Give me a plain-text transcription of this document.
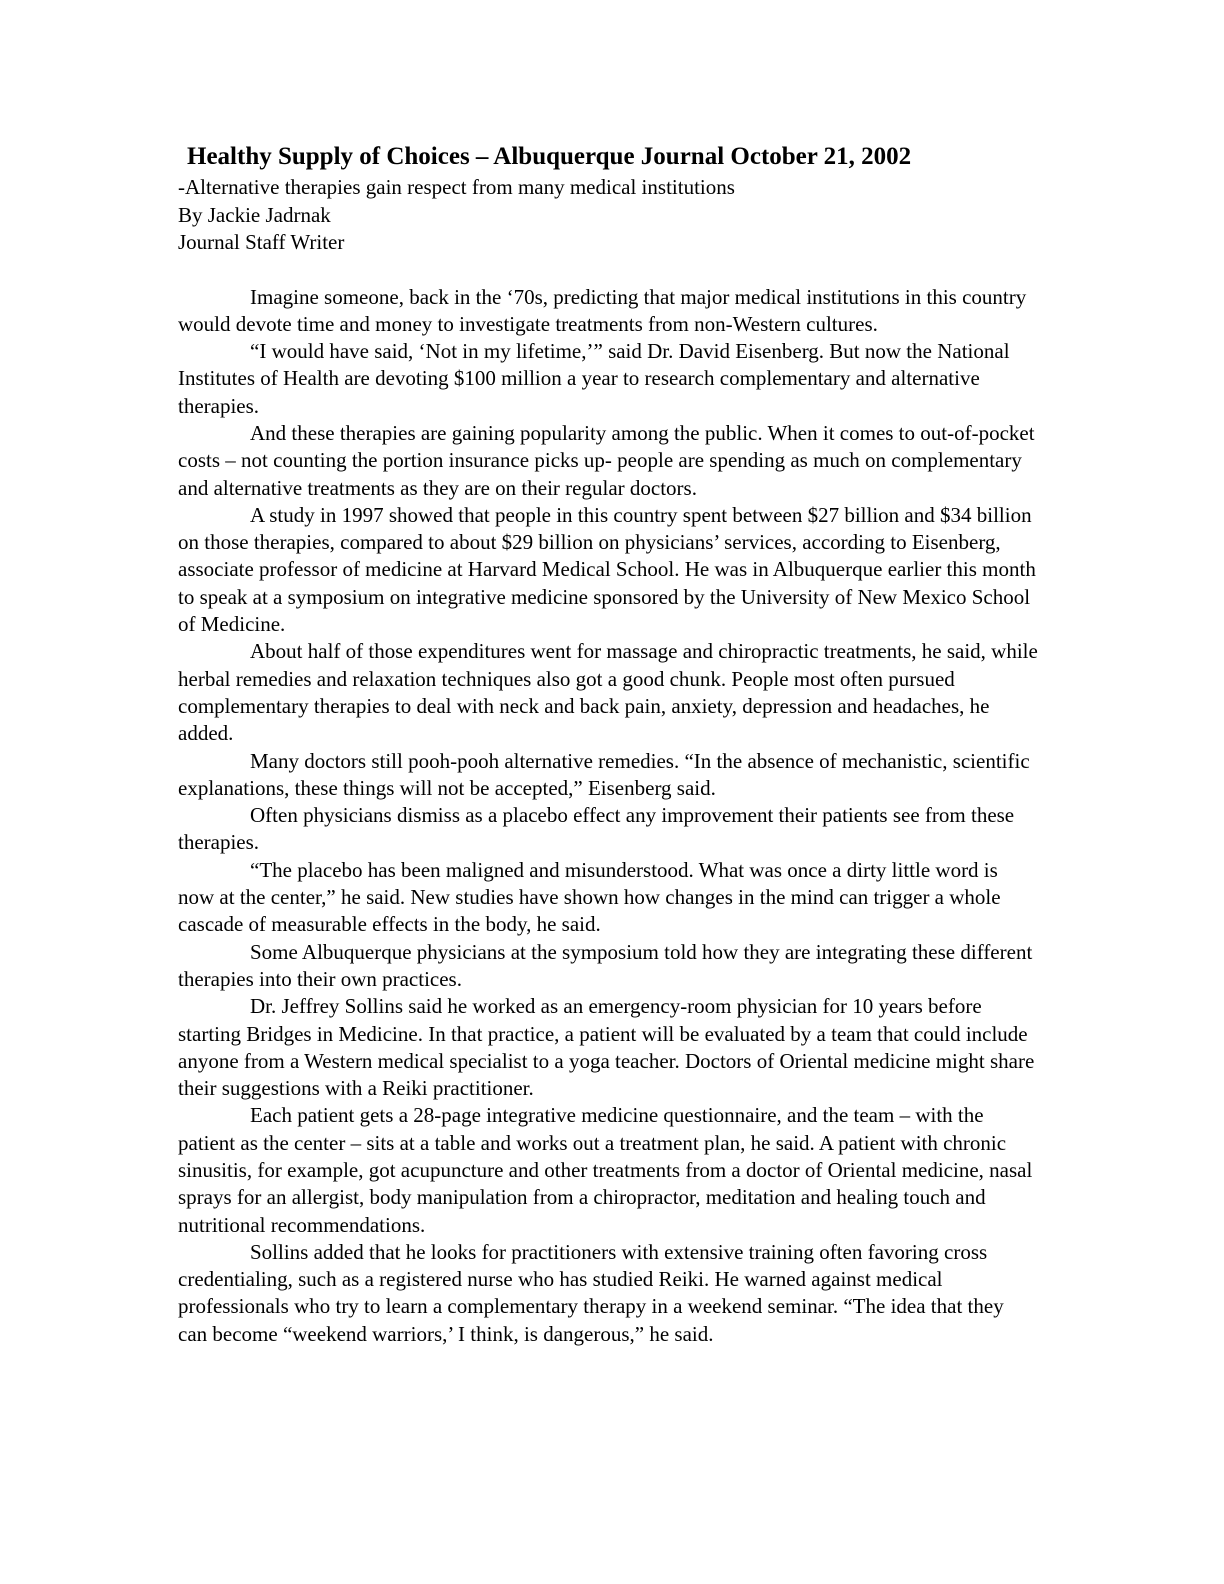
Healthy Supply of Choices – Albuquerque Journal October 21, 2002
-Alternative therapies gain respect from many medical institutions
By Jackie Jadrnak
Journal Staff Writer

Imagine someone, back in the ‘70s, predicting that major medical institutions in this country would devote time and money to investigate treatments from non-Western cultures.

“I would have said, ‘Not in my lifetime,’” said Dr. David Eisenberg. But now the National Institutes of Health are devoting $100 million a year to research complementary and alternative therapies.

And these therapies are gaining popularity among the public. When it comes to out-of-pocket costs – not counting the portion insurance picks up- people are spending as much on complementary and alternative treatments as they are on their regular doctors.

A study in 1997 showed that people in this country spent between $27 billion and $34 billion on those therapies, compared to about $29 billion on physicians’ services, according to Eisenberg, associate professor of medicine at Harvard Medical School. He was in Albuquerque earlier this month to speak at a symposium on integrative medicine sponsored by the University of New Mexico School of Medicine.

About half of those expenditures went for massage and chiropractic treatments, he said, while herbal remedies and relaxation techniques also got a good chunk. People most often pursued complementary therapies to deal with neck and back pain, anxiety, depression and headaches, he added.

Many doctors still pooh-pooh alternative remedies. “In the absence of mechanistic, scientific explanations, these things will not be accepted,” Eisenberg said.

Often physicians dismiss as a placebo effect any improvement their patients see from these therapies.

“The placebo has been maligned and misunderstood. What was once a dirty little word is now at the center,” he said. New studies have shown how changes in the mind can trigger a whole cascade of measurable effects in the body, he said.

Some Albuquerque physicians at the symposium told how they are integrating these different therapies into their own practices.

Dr. Jeffrey Sollins said he worked as an emergency-room physician for 10 years before starting Bridges in Medicine. In that practice, a patient will be evaluated by a team that could include anyone from a Western medical specialist to a yoga teacher. Doctors of Oriental medicine might share their suggestions with a Reiki practitioner.

Each patient gets a 28-page integrative medicine questionnaire, and the team – with the patient as the center – sits at a table and works out a treatment plan, he said. A patient with chronic sinusitis, for example, got acupuncture and other treatments from a doctor of Oriental medicine, nasal sprays for an allergist, body manipulation from a chiropractor, meditation and healing touch and nutritional recommendations.

Sollins added that he looks for practitioners with extensive training often favoring cross credentialing, such as a registered nurse who has studied Reiki. He warned against medical professionals who try to learn a complementary therapy in a weekend seminar. “The idea that they can become “weekend warriors,’ I think, is dangerous,” he said.
